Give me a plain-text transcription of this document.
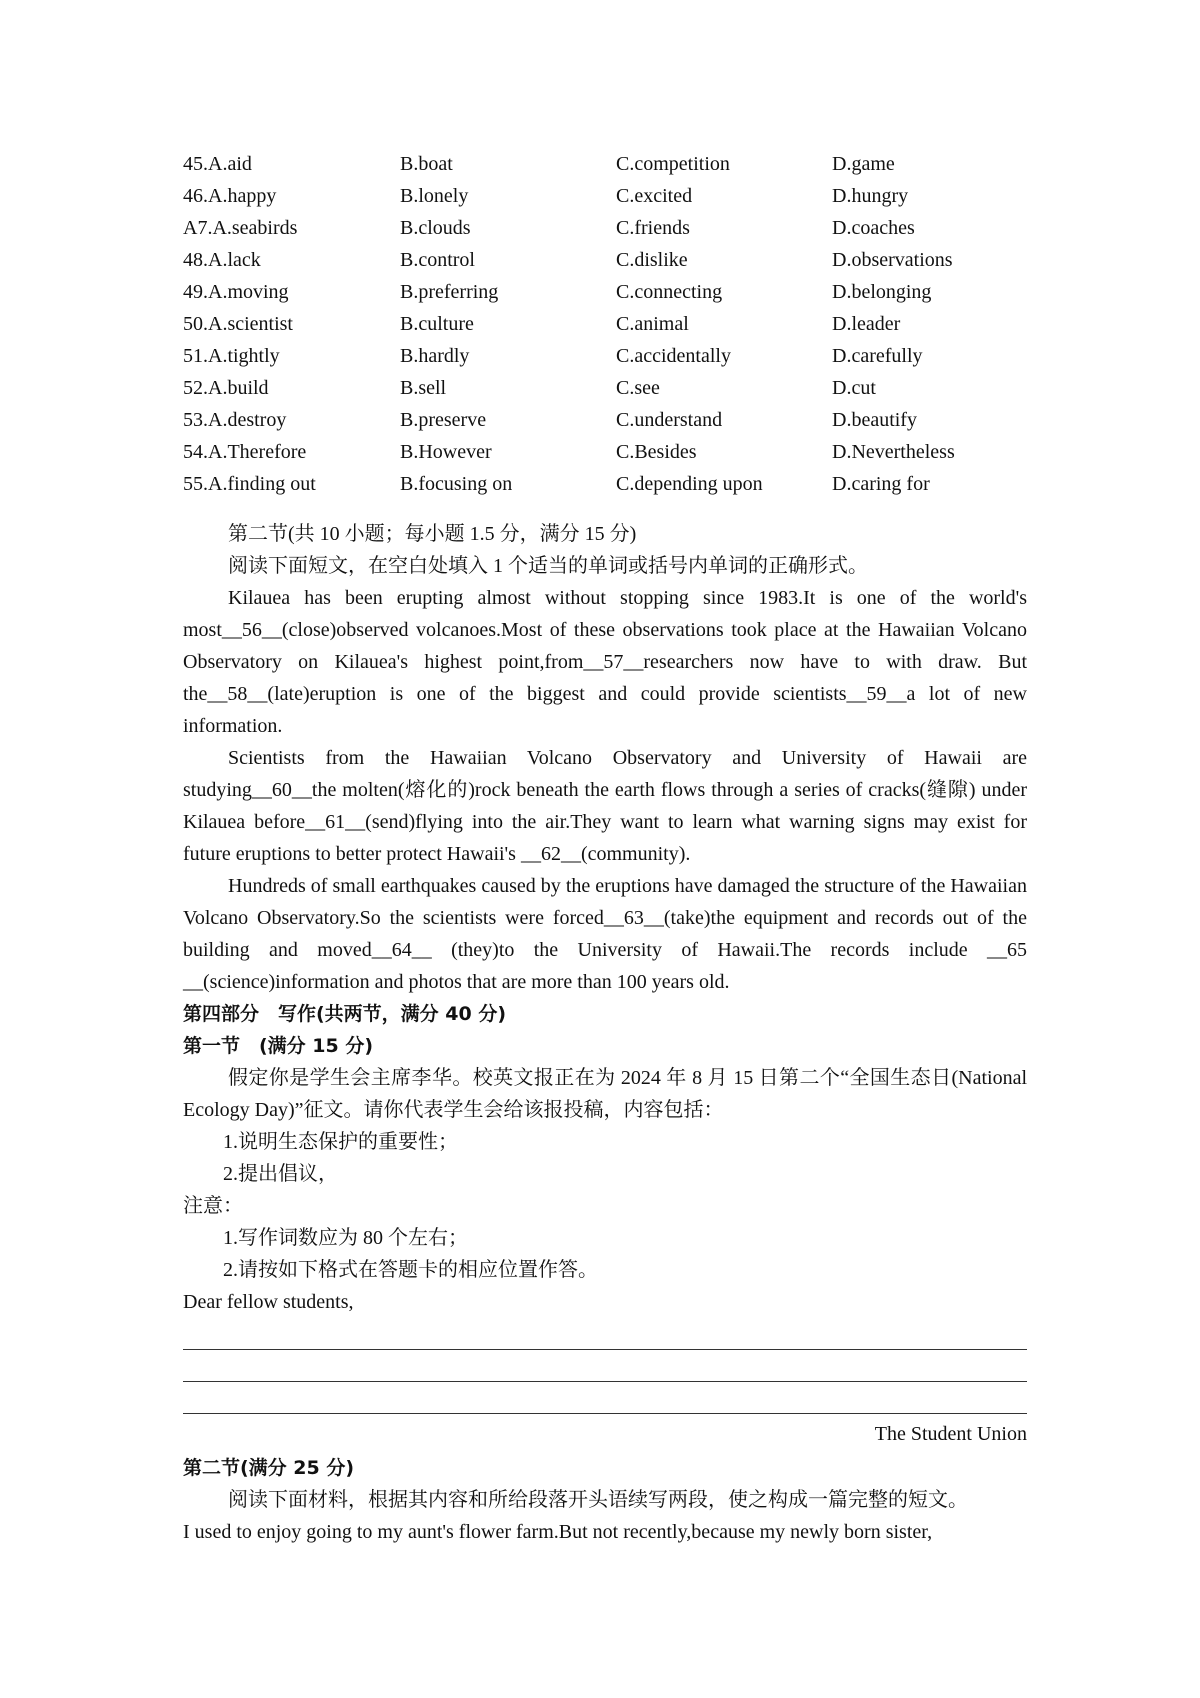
45.A.aid	B.boat	C.competition	D.game
46.A.happy	B.lonely	C.excited	D.hungry
A7.A.seabirds	B.clouds	C.friends	D.coaches
48.A.lack	B.control	C.dislike	D.observations
49.A.moving	B.preferring	C.connecting	D.belonging
50.A.scientist	B.culture	C.animal	D.leader
51.A.tightly	B.hardly	C.accidentally	D.carefully
52.A.build	B.sell	C.see	D.cut
53.A.destroy	B.preserve	C.understand	D.beautify
54.A.Therefore	B.However	C.Besides	D.Nevertheless
55.A.finding out	B.focusing on	C.depending upon	D.caring for

第二节(共 10 小题；每小题 1.5 分，满分 15 分)

阅读下面短文，在空白处填入 1 个适当的单词或括号内单词的正确形式。

Kilauea has been erupting almost without stopping since 1983.It is one of the world's most__56__(close)observed volcanoes.Most of these observations took place at the Hawaiian Volcano Observatory on Kilauea's highest point,from__57__researchers now have to with draw. But the__58__(late)eruption is one of the biggest and could provide scientists__59__a lot of new information.

Scientists from the Hawaiian Volcano Observatory and University of Hawaii are studying__60__the molten(熔化的)rock beneath the earth flows through a series of cracks(缝隙) under Kilauea before__61__(send)flying into the air.They want to learn what warning signs may exist for future eruptions to better protect Hawaii's __62__(community).

Hundreds of small earthquakes caused by the eruptions have damaged the structure of the Hawaiian Volcano Observatory.So the scientists were forced__63__(take)the equipment and records out of the building and moved__64__ (they)to the University of Hawaii.The records include __65 __(science)information and photos that are more than 100 years old.

第四部分　写作(共两节，满分 40 分)

第一节　(满分 15 分)

假定你是学生会主席李华。校英文报正在为 2024 年 8 月 15 日第二个“全国生态日(National Ecology Day)”征文。请你代表学生会给该报投稿，内容包括：

1.说明生态保护的重要性；

2.提出倡议，

注意：

1.写作词数应为 80 个左右；

2.请按如下格式在答题卡的相应位置作答。

Dear fellow students,

The Student Union

第二节(满分 25 分)

阅读下面材料，根据其内容和所给段落开头语续写两段，使之构成一篇完整的短文。

I used to enjoy going to my aunt's flower farm.But not recently,because my newly born sister,
